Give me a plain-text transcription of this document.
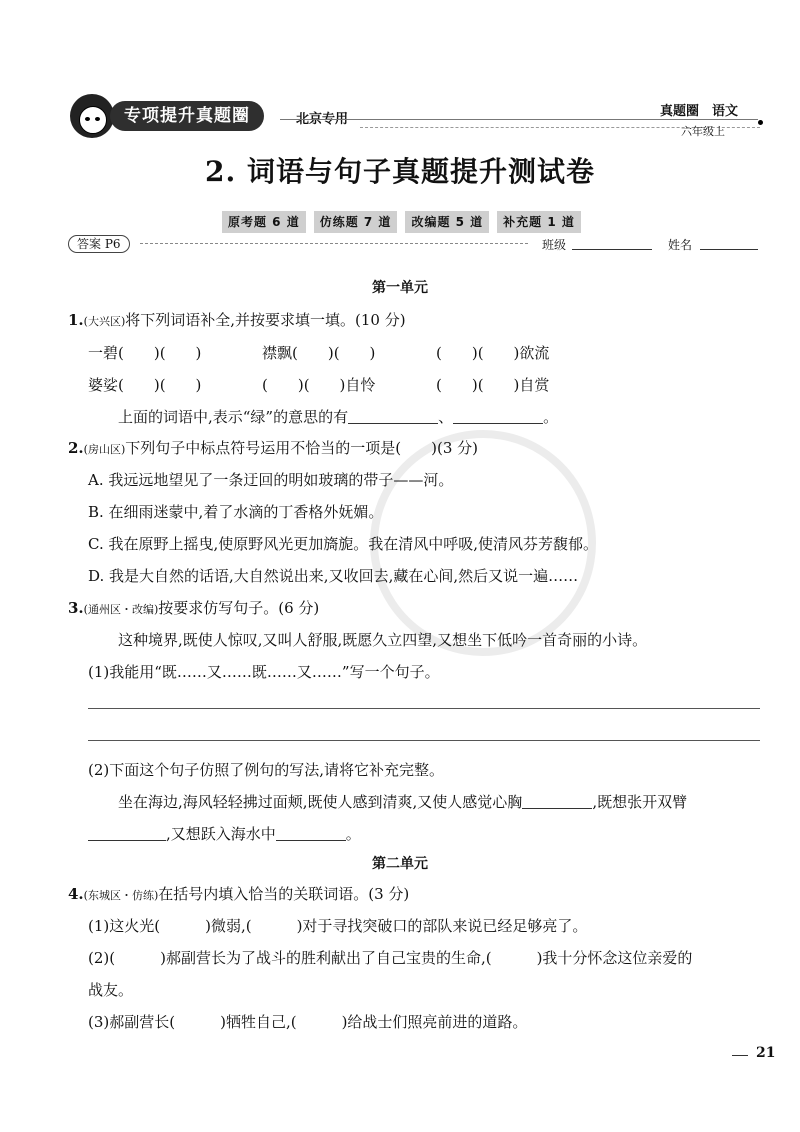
专项提升真题圈	北京专用
真题圈　语文
六年级上
2. 词语与句子真题提升测试卷
原考题 6 道	仿练题 7 道	改编题 5 道	补充题 1 道
答案 P6	班级	姓名
第一单元
1.(大兴区)将下列词语补全,并按要求填一填。(10 分)
一碧(　　)(　　)	襟飘(　　)(　　)	(　　)(　　)欲流
婆娑(　　)(　　)	(　　)(　　)自怜	(　　)(　　)自赏
上面的词语中,表示“绿”的意思的有	、	。
2.(房山区)下列句子中标点符号运用不恰当的一项是(　　)(3 分)
A. 我远远地望见了一条迂回的明如玻璃的带子——河。
B. 在细雨迷蒙中,着了水滴的丁香格外妩媚。
C. 我在原野上摇曳,使原野风光更加旖旎。我在清风中呼吸,使清风芬芳馥郁。
D. 我是大自然的话语,大自然说出来,又收回去,藏在心间,然后又说一遍……
3.(通州区・改编)按要求仿写句子。(6 分)
这种境界,既使人惊叹,又叫人舒服,既愿久立四望,又想坐下低吟一首奇丽的小诗。
(1)我能用“既……又……既……又……”写一个句子。
(2)下面这个句子仿照了例句的写法,请将它补充完整。
坐在海边,海风轻轻拂过面颊,既使人感到清爽,又使人感觉心胸	,既想张开双臂
,又想跃入海水中	。
第二单元
4.(东城区・仿练)在括号内填入恰当的关联词语。(3 分)
(1)这火光(　　　)微弱,(　　　)对于寻找突破口的部队来说已经足够亮了。
(2)(　　　)郝副营长为了战斗的胜利献出了自己宝贵的生命,(　　　)我十分怀念这位亲爱的
战友。
(3)郝副营长(　　　)牺牲自己,(　　　)给战士们照亮前进的道路。
21
